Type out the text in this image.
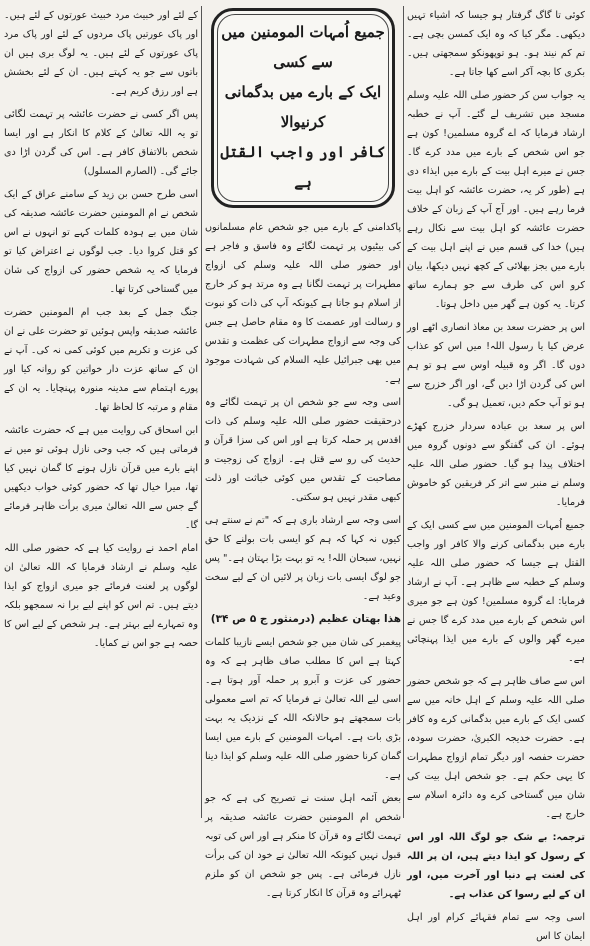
کوئی تا گاگ گرفتار ہو جیسا کہ اشیاء تہیں دیکھی۔ مگر کیا کہ وہ ایک کمسن بچی ہے۔ تم کم نیند ہو۔ ہو توپھونکو سمجھتی ہیں۔ بکری کا بچہ آکر اسے کھا جاتا ہے۔

یہ جواب سن کر حضور صلی اللہ علیہ وسلم مسجد میں تشریف لے گئے۔ آپ نے خطبہ ارشاد فرمایا کہ اے گروہ مسلمین! کون ہے جو اس شخص کے بارے میں مدد کرے گا۔ جس نے میرے اہل بیت کے بارے میں ایذاء دی ہے (طور کر یہ، حضرت عائشہ کو اہل بیت فرما رہے ہیں۔ اور آج آپ کے زبان کے خلاف حضرت عائشہ کو اہل بیت سے نکال رہے ہیں) خدا کی قسم میں نے اپنے اہل بیت کے بارے میں بجز بھلائی کے کچھ نہیں دیکھا، بیان کرو اس کی طرف سے جو ہمارے ساتھ کرتا۔ یہ کون ہے گھر میں داخل ہوتا۔

اس پر حضرت سعد بن معاذ انصاری اٹھے اور عرض کیا یا رسول اللہ! میں اس کو عذاب دوں گا۔ اگر وہ قبیلہ اوس سے ہو تو ہم اس کی گردن اڑا دیں گے، اور اگر خزرج سے ہو تو آپ حکم دیں، تعمیل ہو گی۔

اس پر سعد بن عبادہ سردار خزرج کھڑے ہوئے۔ ان کی گفتگو سے دونوں گروہ میں اختلاف پیدا ہو گیا۔ حضور صلی اللہ علیہ وسلم نے منبر سے اتر کر فریقین کو خاموش فرمایا۔

جمیع اُمہات المومنین میں سے کسی ایک کے بارے میں بدگمانی کرنے والا کافر اور واجب القتل ہے جیسا کہ حضور صلی اللہ علیہ وسلم کے خطبہ سے ظاہر ہے۔ آپ نے ارشاد فرمایا: اے گروہ مسلمین! کون ہے جو میری اس شخص کے بارے میں مدد کرے گا جس نے میرے گھر والوں کے بارے میں ایذا پہنچائی ہے۔

اس سے صاف ظاہر ہے کہ جو شخص حضور صلی اللہ علیہ وسلم کے اہل خانہ میں سے کسی ایک کے بارے میں بدگمانی کرے وہ کافر ہے۔ حضرت خدیجہ الکبریٰ، حضرت سودہ، حضرت حفصہ اور دیگر تمام ازواج مطہرات کا یہی حکم ہے۔ جو شخص اہل بیت کی شان میں گستاخی کرے وہ دائرہ اسلام سے خارج ہے۔

ترجمہ: بے شک جو لوگ اللہ اور اس کے رسول کو ایذا دیتے ہیں، ان پر اللہ کی لعنت ہے دنیا اور آخرت میں، اور ان کے لیے رسوا کن عذاب ہے۔

اسی وجہ سے تمام فقہائے کرام اور اہل ایمان کا اس

جمیع اُمہات المومنین میں سے کسی
ایک کے بارے میں بدگمانی کرنیوالا
کافر اور واجب القتل ہے

پاکدامنی کے بارے میں جو شخص عام مسلمانوں کی بیٹیوں پر تہمت لگائے وہ فاسق و فاجر ہے اور حضور صلی اللہ علیہ وسلم کی ازواج مطہرات پر تہمت لگانا ہے وہ مرتد ہو کر خارج از اسلام ہو جاتا ہے کیونکہ آپ کی ذات کو نبوت و رسالت اور عصمت کا وہ مقام حاصل ہے جس کی وجہ سے ازواج مطہرات کی عظمت و تقدس میں بھی جبرائیل علیہ السلام کی شہادت موجود ہے۔

اسی وجہ سے جو شخص ان پر تہمت لگائے وہ درحقیقت حضور صلی اللہ علیہ وسلم کی ذات اقدس پر حملہ کرتا ہے اور اس کی سزا قرآن و حدیث کی رو سے قتل ہے۔ ازواج کی زوجیت و مصاحبت کے تقدس میں کوئی خباثت اور ذلت کبھی مقدر نہیں ہو سکتی۔

اسی وجہ سے ارشاد باری ہے کہ "تم نے سنتے ہی کیوں نہ کہا کہ ہم کو ایسی بات بولنے کا حق نہیں، سبحان اللہ! یہ تو بہت بڑا بہتان ہے۔" پس جو لوگ ایسی بات زبان پر لائیں ان کے لیے سخت وعید ہے۔

ھذا بھتان عظیم (درمنثور ج ۵ ص ۳۴)

پیغمبر کی شان میں جو شخص ایسے نازیبا کلمات کہتا ہے اس کا مطلب صاف ظاہر ہے کہ وہ حضور کی عزت و آبرو پر حملہ آور ہوتا ہے۔ اسی لیے اللہ تعالیٰ نے فرمایا کہ تم اسے معمولی بات سمجھتے ہو حالانکہ اللہ کے نزدیک یہ بہت بڑی بات ہے۔ امہات المومنین کے بارے میں ایسا گمان کرنا حضور صلی اللہ علیہ وسلم کو ایذا دینا ہے۔

بعض آئمہ اہل سنت نے تصریح کی ہے کہ جو شخص ام المومنین حضرت عائشہ صدیقہ پر تہمت لگائے وہ قرآن کا منکر ہے اور اس کی توبہ قبول نہیں کیونکہ اللہ تعالیٰ نے خود ان کی برأت نازل فرمائی ہے۔ پس جو شخص ان کو ملزم ٹھہرائے وہ قرآن کا انکار کرتا ہے۔

کے لئے اور خبیث مرد خبیث عورتوں کے لئے ہیں۔ اور پاک عورتیں پاک مردوں کے لئے اور پاک مرد پاک عورتوں کے لئے ہیں۔ یہ لوگ بری ہیں ان باتوں سے جو یہ کہتے ہیں۔ ان کے لئے بخشش ہے اور رزق کریم ہے۔

پس اگر کسی نے حضرت عائشہ پر تہمت لگائی تو یہ اللہ تعالیٰ کے کلام کا انکار ہے اور ایسا شخص بالاتفاق کافر ہے۔ اس کی گردن اڑا دی جائے گی۔ (الصارم المسلول)

اسی طرح حسن بن زید کے سامنے عراق کے ایک شخص نے ام المومنین حضرت عائشہ صدیقہ کی شان میں بے ہودہ کلمات کہے تو انہوں نے اس کو قتل کروا دیا۔ جب لوگوں نے اعتراض کیا تو فرمایا کہ یہ شخص حضور کی ازواج کی شان میں گستاخی کرتا تھا۔

جنگ جمل کے بعد جب ام المومنین حضرت عائشہ صدیقہ واپس ہوئیں تو حضرت علی نے ان کی عزت و تکریم میں کوئی کمی نہ کی۔ آپ نے ان کے ساتھ عزت دار خواتین کو روانہ کیا اور پورے اہتمام سے مدینہ منورہ پہنچایا۔ یہ ان کے مقام و مرتبہ کا لحاظ تھا۔

ابن اسحاق کی روایت میں ہے کہ حضرت عائشہ فرماتی ہیں کہ جب وحی نازل ہوئی تو میں نے اپنے بارے میں قرآن نازل ہونے کا گمان نہیں کیا تھا، میرا خیال تھا کہ حضور کوئی خواب دیکھیں گے جس سے اللہ تعالیٰ میری برأت ظاہر فرمائے گا۔

امام احمد نے روایت کیا ہے کہ حضور صلی اللہ علیہ وسلم نے ارشاد فرمایا کہ اللہ تعالیٰ ان لوگوں پر لعنت فرمائے جو میری ازواج کو ایذا دیتے ہیں۔ تم اس کو اپنے لیے برا نہ سمجھو بلکہ وہ تمہارے لیے بہتر ہے۔ ہر شخص کے لیے اس کا حصہ ہے جو اس نے کمایا۔
